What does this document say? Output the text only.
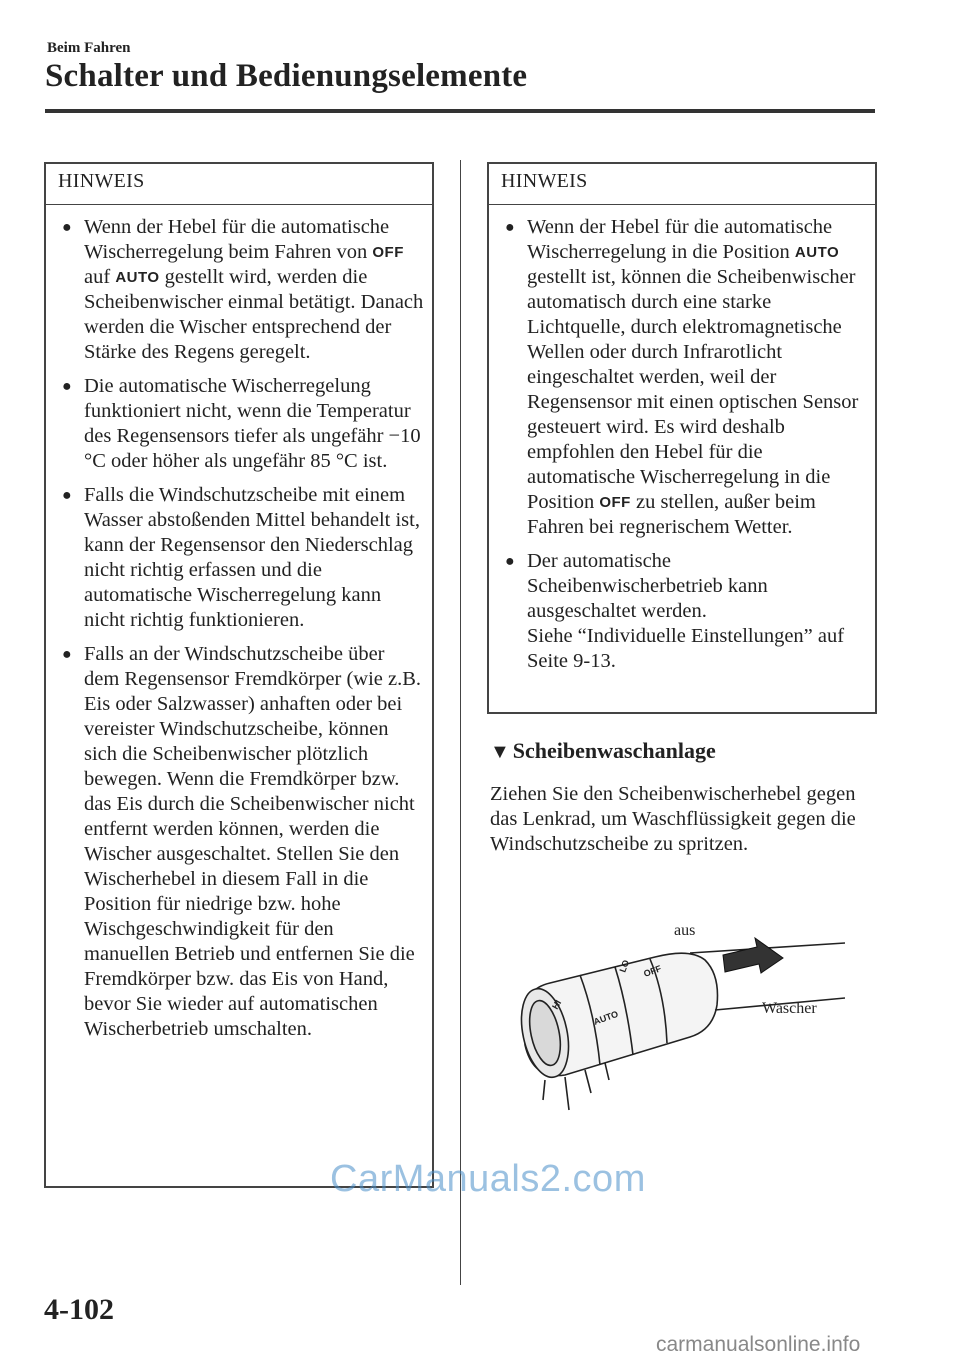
Beim Fahren
Schalter und Bedienungselemente
HINWEIS
● Wenn der Hebel für die automatische Wischerregelung beim Fahren von OFF auf AUTO gestellt wird, werden die Scheibenwischer einmal betätigt. Danach werden die Wischer entsprechend der Stärke des Regens geregelt.
● Die automatische Wischerregelung funktioniert nicht, wenn die Temperatur des Regensensors tiefer als ungefähr −10 °C oder höher als ungefähr 85 °C ist.
● Falls die Windschutzscheibe mit einem Wasser abstoßenden Mittel behandelt ist, kann der Regensensor den Niederschlag nicht richtig erfassen und die automatische Wischerregelung kann nicht richtig funktionieren.
● Falls an der Windschutzscheibe über dem Regensensor Fremdkörper (wie z.B. Eis oder Salzwasser) anhaften oder bei vereister Windschutzscheibe, können sich die Scheibenwischer plötzlich bewegen. Wenn die Fremdkörper bzw. das Eis durch die Scheibenwischer nicht entfernt werden können, werden die Wischer ausgeschaltet. Stellen Sie den Wischerhebel in diesem Fall in die Position für niedrige bzw. hohe Wischgeschwindigkeit für den manuellen Betrieb und entfernen Sie die Fremdkörper bzw. das Eis von Hand, bevor Sie wieder auf automatischen Wischerbetrieb umschalten.
HINWEIS
● Wenn der Hebel für die automatische Wischerregelung in die Position AUTO gestellt ist, können die Scheibenwischer automatisch durch eine starke Lichtquelle, durch elektromagnetische Wellen oder durch Infrarotlicht eingeschaltet werden, weil der Regensensor mit einen optischen Sensor gesteuert wird. Es wird deshalb empfohlen den Hebel für die automatische Wischerregelung in die Position OFF zu stellen, außer beim Fahren bei regnerischem Wetter.
● Der automatische Scheibenwischerbetrieb kann ausgeschaltet werden.
Siehe “Individuelle Einstellungen” auf Seite 9-13.
▼ Scheibenwaschanlage
Ziehen Sie den Scheibenwischerhebel gegen das Lenkrad, um Waschflüssigkeit gegen die Windschutzscheibe zu spritzen.
OFF
AUTO
HI
LO
aus
Wascher
CarManuals2.com
4-102
carmanualsonline.info
